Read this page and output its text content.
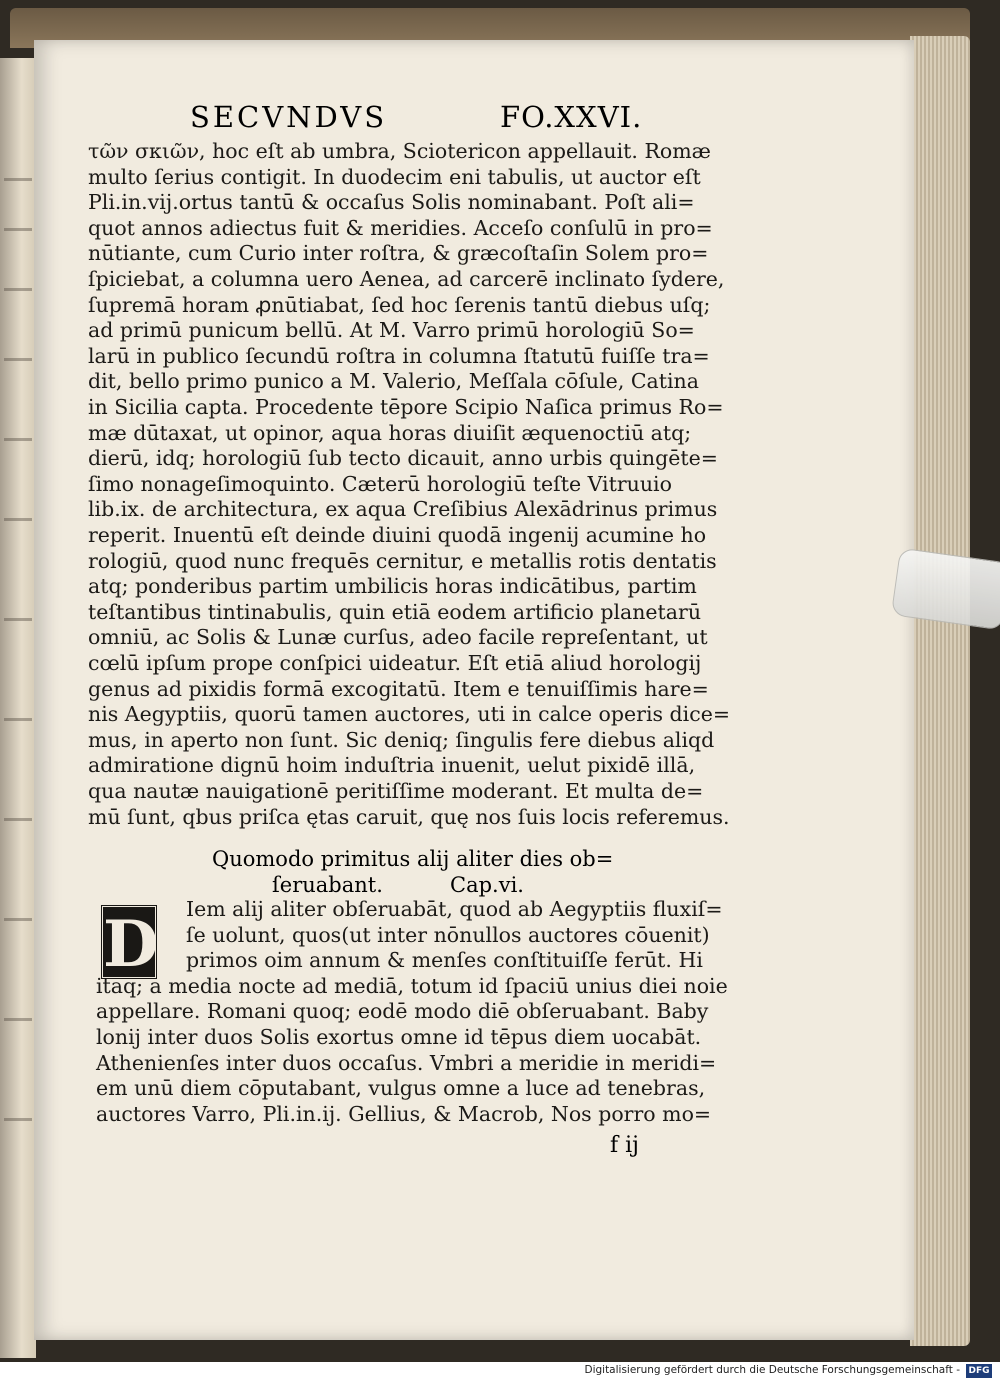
SECVNDVS	FO.XXVI.
τῶν σκιῶν, hoc eſt ab umbra, Sciotericon appellauit. Romæ
multo ſerius contigit. In duodecim eni tabulis, ut auctor eſt
Pli.in.vij.ortus tantū & occaſus Solis nominabant. Poſt ali=
quot annos adiectus fuit & meridies. Acceſo conſulū in pro=
nūtiante, cum Curio inter roſtra, & græcoſtaſin Solem pro=
ſpiciebat, a columna uero Aenea, ad carcerē inclinato ſydere,
ſupremā horam ꝓnūtiabat, ſed hoc ſerenis tantū diebus uſq;
ad primū punicum bellū. At M. Varro primū horologiū So=
larū in publico ſecundū roſtra in columna ſtatutū fuiſſe tra=
dit, bello primo punico a M. Valerio, Meſſala cōſule, Catina
in Sicilia capta. Procedente tēpore Scipio Naſica primus Ro=
mæ dūtaxat, ut opinor, aqua horas diuiſit æquenoctiū atq;
dierū, idq; horologiū ſub tecto dicauit, anno urbis quingēte=
ſimo nonageſimoquinto. Cæterū horologiū teſte Vitruuio
lib.ix. de architectura, ex aqua Creſibius Alexādrinus primus
reperit. Inuentū eſt deinde diuini quodā ingenij acumine ho
rologiū, quod nunc frequēs cernitur, e metallis rotis dentatis
atq; ponderibus partim umbilicis horas indicātibus, partim
teſtantibus tintinabulis, quin etiā eodem artificio planetarū
omniū, ac Solis & Lunæ curſus, adeo facile repreſentant, ut
cœlū ipſum prope conſpici uideatur. Eſt etiā aliud horologij
genus ad pixidis formā excogitatū. Item e tenuiſſimis hare=
nis Aegyptiis, quorū tamen auctores, uti in calce operis dice=
mus, in aperto non ſunt. Sic deniq; ſingulis fere diebus aliqd
admiratione dignū hoim induſtria inuenit, uelut pixidē illā,
qua nautæ nauigationē peritiſſime moderant. Et multa de=
mū ſunt, qbus priſca ętas caruit, quę nos ſuis locis referemus.
Quomodo primitus alij aliter dies ob=
ſeruabant.	Cap.vi.
D Iem alij aliter obſeruabāt, quod ab Aegyptiis fluxiſ=
ſe uolunt, quos(ut inter nōnullos auctores cōuenit)
primos oim annum & menſes conſtituiſſe ferūt. Hi
itaq; a media nocte ad mediā, totum id ſpaciū unius diei noie
appellare. Romani quoq; eodē modo diē obſeruabant. Baby
lonij inter duos Solis exortus omne id tēpus diem uocabāt.
Athenienſes inter duos occaſus. Vmbri a meridie in meridi=
em unū diem cōputabant, vulgus omne a luce ad tenebras,
auctores Varro, Pli.in.ij. Gellius, & Macrob, Nos porro mo=
f ij
Digitalisierung gefördert durch die Deutsche Forschungsgemeinschaft - DFG
